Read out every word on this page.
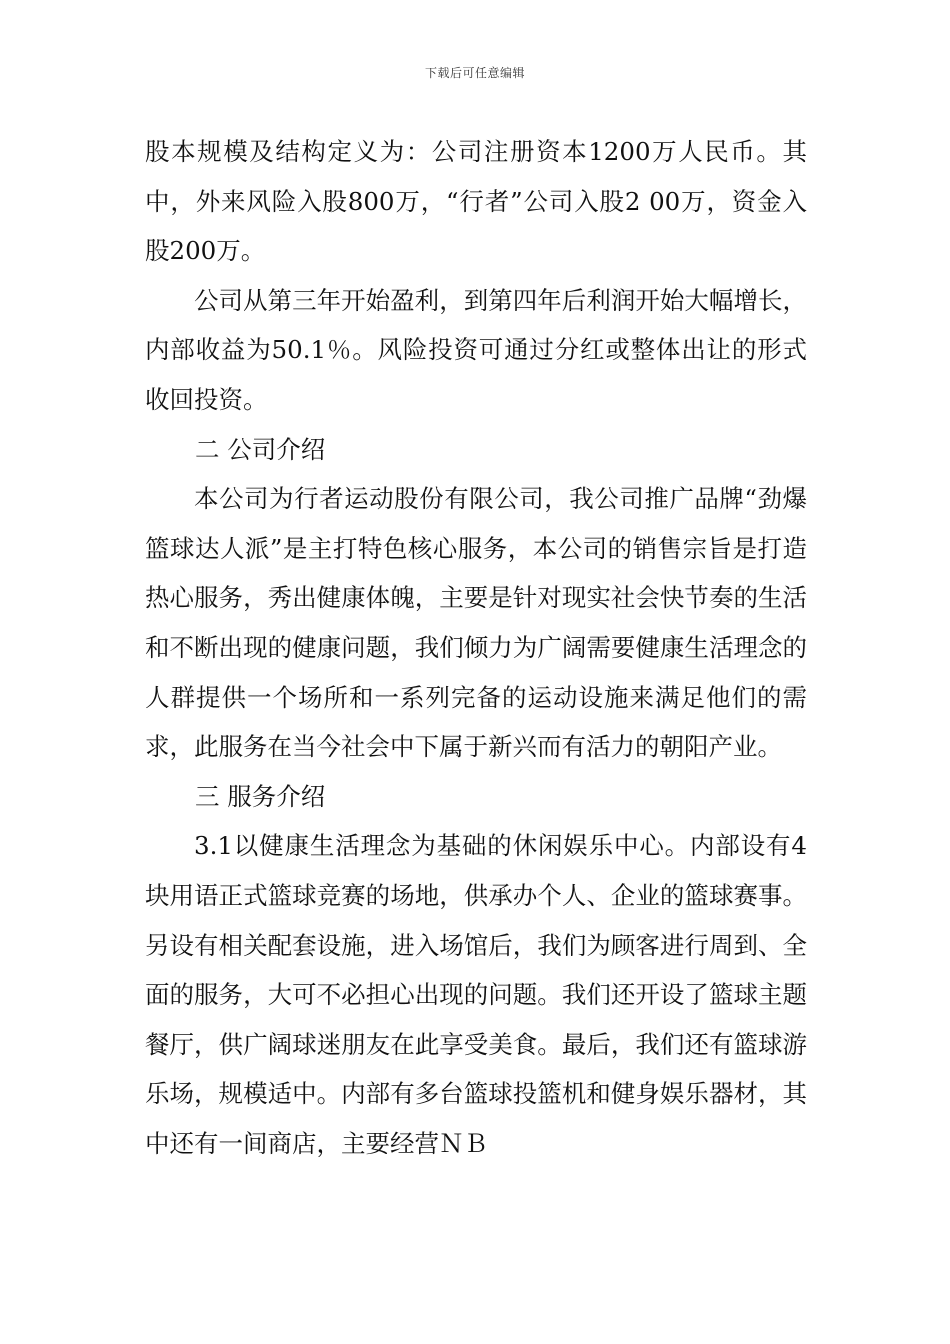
下载后可任意编辑

股本规模及结构定义为：公司注册资本1200万人民币。其中，外来风险入股800万，“行者”公司入股2 00万，资金入股200万。

公司从第三年开始盈利，到第四年后利润开始大幅增长，内部收益为50.1％。风险投资可通过分红或整体出让的形式收回投资。

二 公司介绍

本公司为行者运动股份有限公司，我公司推广品牌“劲爆篮球达人派”是主打特色核心服务，本公司的销售宗旨是打造热心服务，秀出健康体魄，主要是针对现实社会快节奏的生活和不断出现的健康问题，我们倾力为广阔需要健康生活理念的人群提供一个场所和一系列完备的运动设施来满足他们的需求，此服务在当今社会中下属于新兴而有活力的朝阳产业。

三 服务介绍

3.1以健康生活理念为基础的休闲娱乐中心。内部设有4块用语正式篮球竞赛的场地，供承办个人、企业的篮球赛事。另设有相关配套设施，进入场馆后，我们为顾客进行周到、全面的服务，大可不必担心出现的问题。我们还开设了篮球主题餐厅，供广阔球迷朋友在此享受美食。最后，我们还有篮球游乐场，规模适中。内部有多台篮球投篮机和健身娱乐器材，其中还有一间商店，主要经营ＮＢ
